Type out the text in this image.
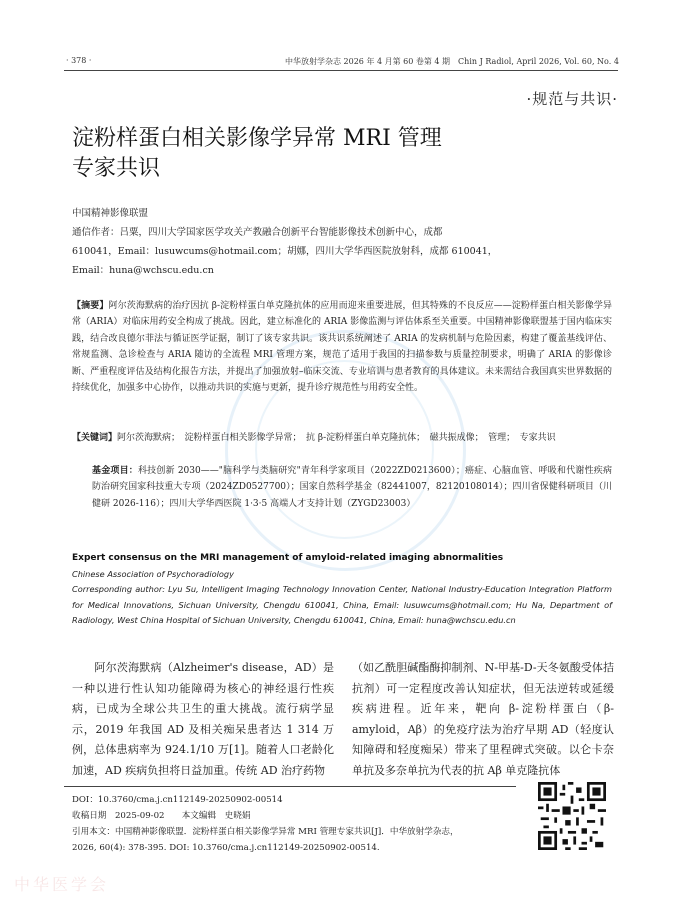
· 378 ·	中华放射学杂志 2026 年 4 月第 60 卷第 4 期　Chin J Radiol, April 2026, Vol. 60, No. 4
·规范与共识·
淀粉样蛋白相关影像学异常 MRI 管理
专家共识
中国精神影像联盟
通信作者：吕粟，四川大学国家医学攻关产教融合创新平台智能影像技术创新中心，成都
610041，Email：lusuwcums@hotmail.com；胡娜，四川大学华西医院放射科，成都 610041，
Email：huna@wchscu.edu.cn
【摘要】阿尔茨海默病的治疗因抗 β-淀粉样蛋白单克隆抗体的应用而迎来重要进展，但其特殊的不良反应——淀粉样蛋白相关影像学异常（ARIA）对临床用药安全构成了挑战。因此，建立标准化的 ARIA 影像监测与评估体系至关重要。中国精神影像联盟基于国内临床实践，结合改良德尔菲法与循证医学证据，制订了该专家共识。该共识系统阐述了 ARIA 的发病机制与危险因素，构建了覆盖基线评估、常规监测、急诊检查与 ARIA 随访的全流程 MRI 管理方案，规范了适用于我国的扫描参数与质量控制要求，明确了 ARIA 的影像诊断、严重程度评估及结构化报告方法，并提出了加强放射–临床交流、专业培训与患者教育的具体建议。未来需结合我国真实世界数据的持续优化，加强多中心协作，以推动共识的实施与更新，提升诊疗规范性与用药安全性。
【关键词】阿尔茨海默病；　淀粉样蛋白相关影像学异常；　抗 β-淀粉样蛋白单克隆抗体；　磁共振成像；　管理；　专家共识
基金项目：科技创新 2030——"脑科学与类脑研究"青年科学家项目（2022ZD0213600）；癌症、心脑血管、呼吸和代谢性疾病防治研究国家科技重大专项（2024ZD0527700）；国家自然科学基金（82441007，82120108014）；四川省保健科研项目（川健研 2026-116）；四川大学华西医院 1·3·5 高端人才支持计划（ZYGD23003）
Expert consensus on the MRI management of amyloid-related imaging abnormalities
Chinese Association of Psychoradiology
Corresponding author: Lyu Su, Intelligent Imaging Technology Innovation Center, National Industry-Education Integration Platform for Medical Innovations, Sichuan University, Chengdu 610041, China, Email: lusuwcums@hotmail.com; Hu Na, Department of Radiology, West China Hospital of Sichuan University, Chengdu 610041, China, Email: huna@wchscu.edu.cn
　　阿尔茨海默病（Alzheimer's disease，AD）是一种以进行性认知功能障碍为核心的神经退行性疾病，已成为全球公共卫生的重大挑战。流行病学显示，2019 年我国 AD 及相关痴呆患者达 1 314 万例，总体患病率为 924.1/10 万[1]。随着人口老龄化加速，AD 疾病负担将日益加重。传统 AD 治疗药物
（如乙酰胆碱酯酶抑制剂、N-甲基-D-天冬氨酸受体拮抗剂）可一定程度改善认知症状，但无法逆转或延缓疾病进程。近年来，靶向 β-淀粉样蛋白（β-amyloid，Aβ）的免疫疗法为治疗早期 AD（轻度认知障碍和轻度痴呆）带来了里程碑式突破。以仑卡奈单抗及多奈单抗为代表的抗 Aβ 单克隆抗体
DOI：10.3760/cma.j.cn112149-20250902-00514
收稿日期　2025-09-02　　本文编辑　史晓娟
引用本文：中国精神影像联盟．淀粉样蛋白相关影像学异常 MRI 管理专家共识[J]．中华放射学杂志，
2026, 60(4): 378-395. DOI: 10.3760/cma.j.cn112149-20250902-00514.
中华医学会
